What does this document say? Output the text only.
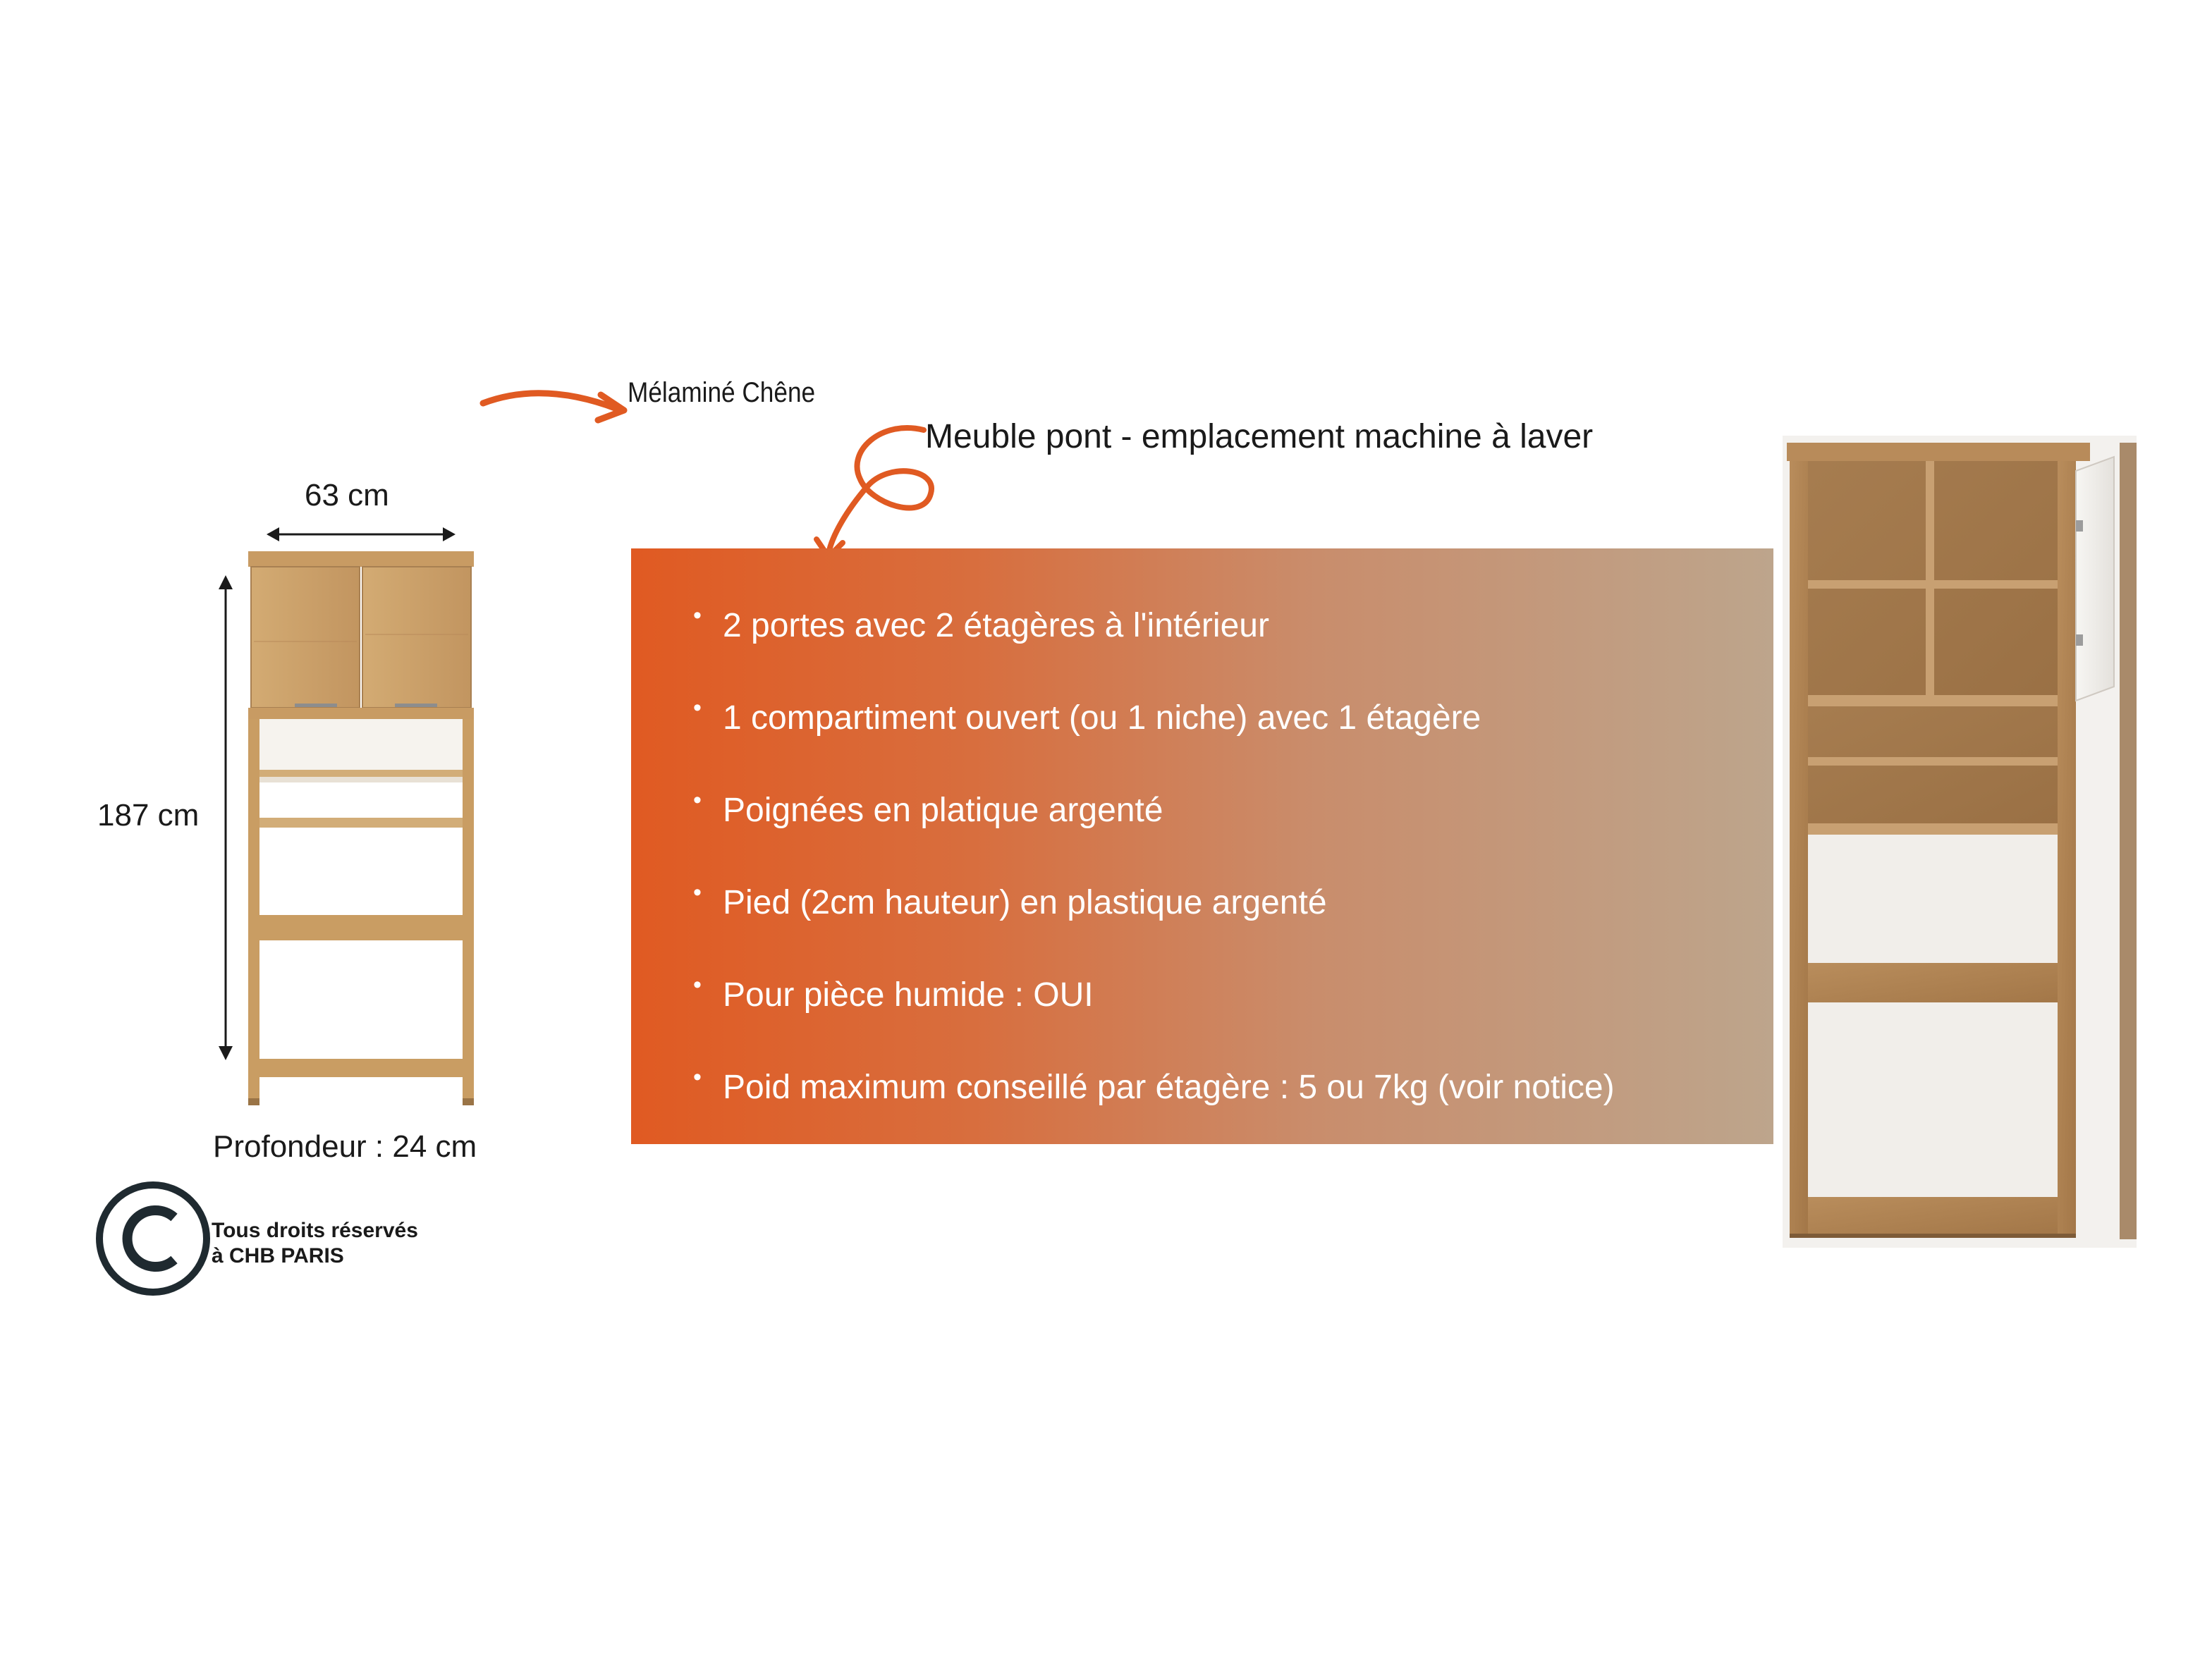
Mélaminé Chêne
Meuble pont - emplacement machine à laver
63 cm
187 cm
Profondeur : 24 cm
Tous droits réservés
à CHB PARIS
• 2 portes avec 2 étagères à l'intérieur
• 1 compartiment ouvert (ou 1 niche) avec 1 étagère
• Poignées en platique argenté
• Pied (2cm hauteur) en plastique argenté
• Pour pièce humide : OUI
• Poid maximum conseillé par étagère : 5 ou 7kg (voir notice)
